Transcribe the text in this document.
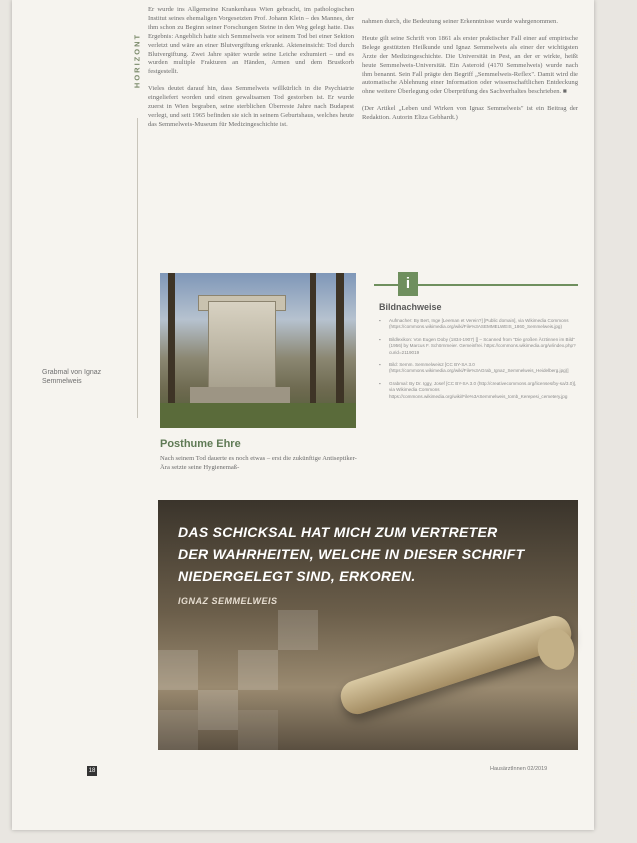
HORIZONT

Er wurde ins Allgemeine Krankenhaus Wien gebracht, im pathologischen Institut seines ehemaligen Vorgesetzten Prof. Johann Klein – des Mannes, der ihm schon zu Beginn seiner Forschungen Steine in den Weg gelegt hatte. Das Ergebnis: Angeblich hatte sich Semmelweis vor seinem Tod bei einer Sektion verletzt und wäre an einer Blutvergiftung erkrankt. Akteneinsicht: Tod durch Blutvergiftung. Zwei Jahre später wurde seine Leiche exhumiert – und es wurden multiple Frakturen an Händen, Armen und dem Brustkorb festgestellt.

Vieles deutet darauf hin, dass Semmelweis willkürlich in die Psychiatrie eingeliefert worden und einen gewaltsamen Tod gestorben ist. Er wurde zuerst in Wien begraben, seine sterblichen Überreste Jahre nach Budapest verlegt, und seit 1965 befinden sie sich in seinem Geburtshaus, welches heute das Semmelweis-Museum für Medizingeschichte ist.

Grabmal von Ignaz Semmelweis
Posthume Ehre
Nach seinem Tod dauerte es noch etwas – erst die zukünftige Antiseptiker-Ära setzte seine Hygienemaß-

nahmen durch, die Bedeutung seiner Erkenntnisse wurde wahrgenommen.

Heute gilt seine Schrift von 1861 als erster praktischer Fall einer auf empirische Belege gestützten Heilkunde und Ignaz Semmelweis als einer der wichtigsten Ärzte der Medizingeschichte. Die Universität in Pest, an der er wirkte, heißt heute Semmelweis-Universität. Ein Asteroid (4170 Semmelweis) wurde nach ihm benannt. Sein Fall prägte den Begriff „Semmelweis-Reflex". Damit wird die automatische Ablehnung einer Information oder wissenschaftlichen Entdeckung ohne weitere Überlegung oder Überprüfung des Sachverhaltes beschrieben. ■

(Der Artikel „Leben und Wirken von Ignaz Semmelweis" ist ein Beitrag der Redaktion. Autorin Eliza Gebhardt.)

i
Bildnachweise
▪ Aufmacher: By Bert, Inge [Leeman et Verein?] [Public domain], via Wikimedia Commons (https://commons.wikimedia.org/wiki/File%3ASEMMELWEIS_1860_Semmelweis.jpg)
▪ Bildlexikon: Von Eugen Doby (1834-1907) [] – Scanned from "Die großen Ärztinnen im Bild" (1956) by Marcus F. Schörnmeier. Gemeinfrei. https://commons.wikimedia.org/w/index.php?curid=2119019
▪ Bild: Semm. Semmelweis2 [CC BY-SA 3.0 (https://commons.wikimedia.org/wiki/File%3AGrab_Ignaz_Semmelweis_Heidelberg.jpg)]
▪ Grabmal: By Dr. Iggy, Josef [CC BY-SA 3.0 (http://creativecommons.org/licenses/by-sa/3.0)], via Wikimedia Commons https://commons.wikimedia.org/wiki/File%3ASemmelweis_tomb_Kerepesi_cemetery.jpg
DAS SCHICKSAL HAT MICH ZUM VERTRETER
DER WAHRHEITEN, WELCHE IN DIESER SCHRIFT
NIEDERGELEGT SIND, ERKOREN.
IGNAZ SEMMELWEIS	FOTO: FOTOLIA.COM / ANTONIO KOLOVO
18	HausärztInnen 02/2019
